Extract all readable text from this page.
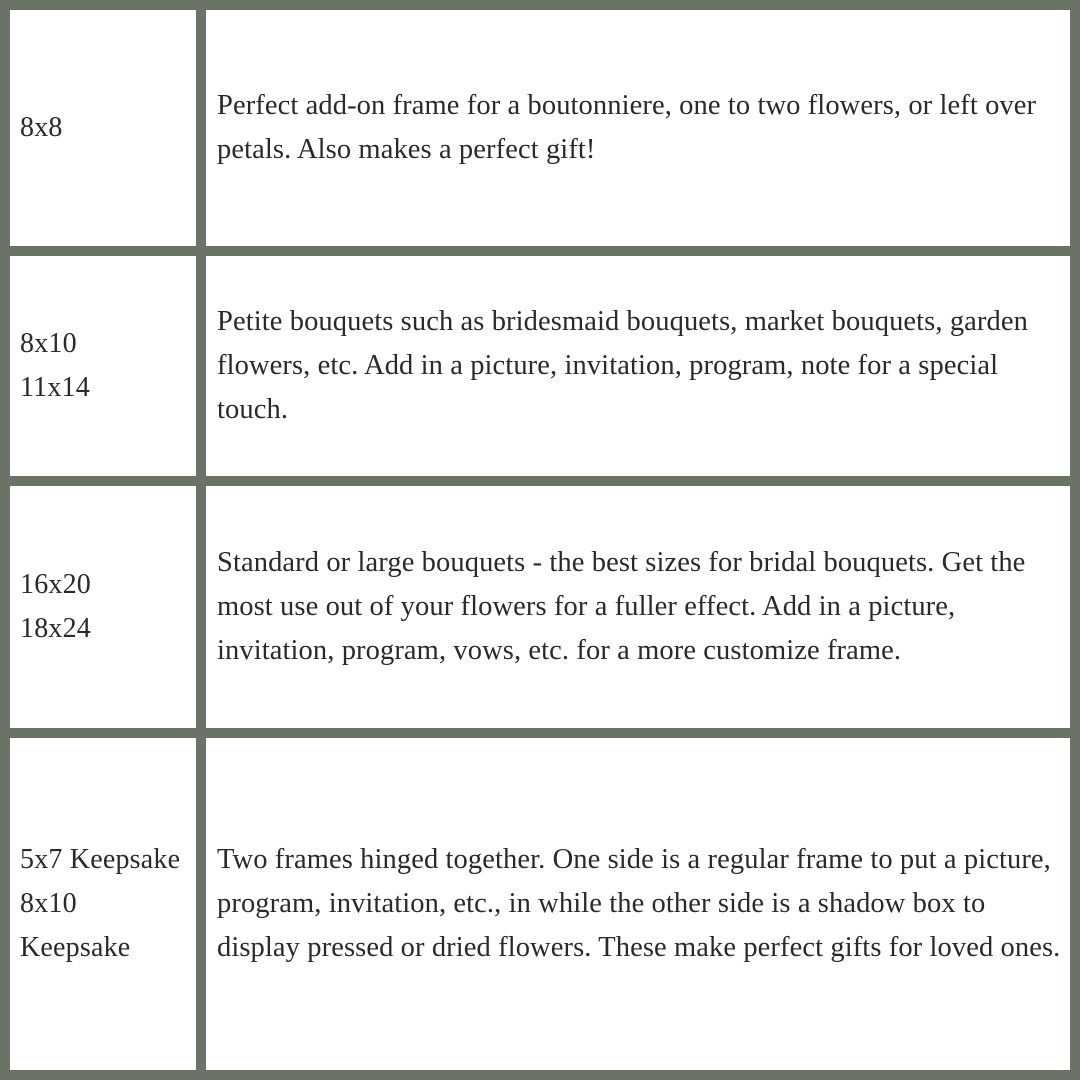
8x8
Perfect add-on frame for a boutonniere, one to two flowers, or left over petals. Also makes a perfect gift!
8x10
11x14
Petite bouquets such as bridesmaid bouquets, market bouquets, garden flowers, etc. Add in a picture, invitation, program, note for a special touch.
16x20
18x24
Standard or large bouquets - the best sizes for bridal bouquets. Get the most use out of your flowers for a fuller effect. Add in a picture, invitation, program, vows, etc. for a more customize frame.
5x7 Keepsake
8x10
Keepsake
Two frames hinged together. One side is a regular frame to put a picture, program, invitation, etc., in while the other side is a shadow box to display pressed or dried flowers. These make perfect gifts for loved ones.
